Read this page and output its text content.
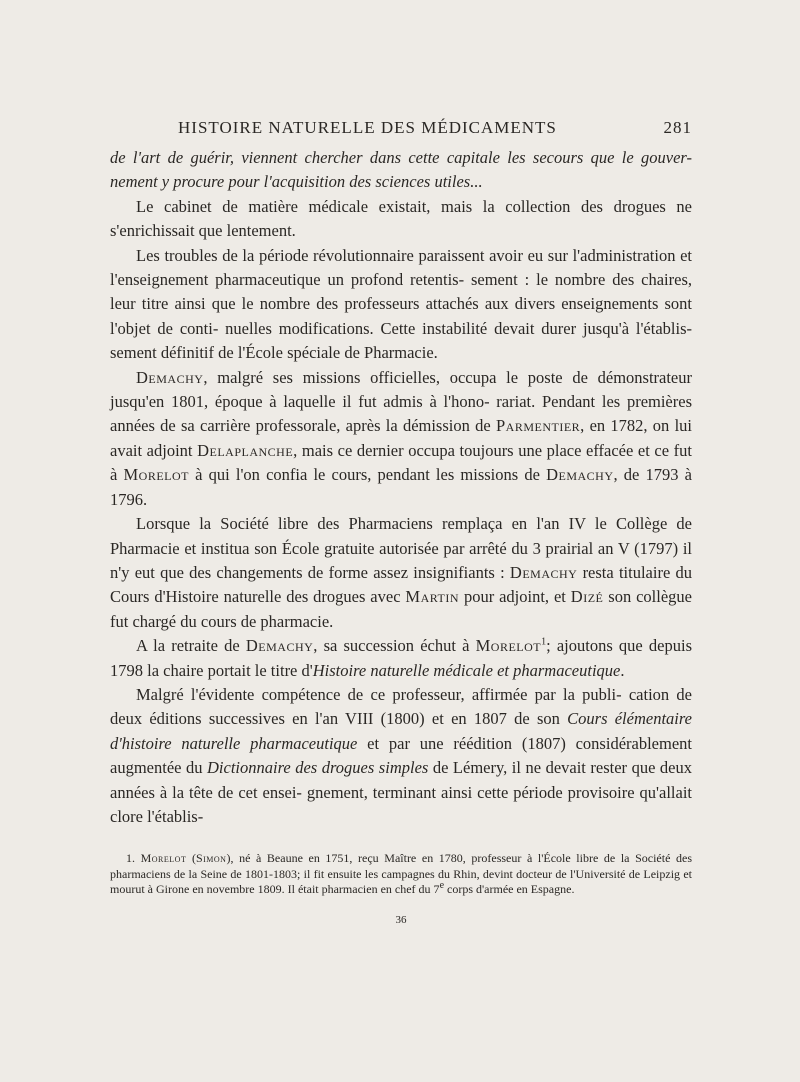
HISTOIRE NATURELLE DES MÉDICAMENTS	281

de l'art de guérir, viennent chercher dans cette capitale les secours que le gouver- nement y procure pour l'acquisition des sciences utiles...

Le cabinet de matière médicale existait, mais la collection des drogues ne s'enrichissait que lentement.

Les troubles de la période révolutionnaire paraissent avoir eu sur l'administration et l'enseignement pharmaceutique un profond retentis- sement : le nombre des chaires, leur titre ainsi que le nombre des professeurs attachés aux divers enseignements sont l'objet de conti- nuelles modifications. Cette instabilité devait durer jusqu'à l'établis- sement définitif de l'École spéciale de Pharmacie.

Demachy, malgré ses missions officielles, occupa le poste de démonstrateur jusqu'en 1801, époque à laquelle il fut admis à l'hono- rariat. Pendant les premières années de sa carrière professorale, après la démission de Parmentier, en 1782, on lui avait adjoint Delaplanche, mais ce dernier occupa toujours une place effacée et ce fut à Morelot à qui l'on confia le cours, pendant les missions de Demachy, de 1793 à 1796.

Lorsque la Société libre des Pharmaciens remplaça en l'an IV le Collège de Pharmacie et institua son École gratuite autorisée par arrêté du 3 prairial an V (1797) il n'y eut que des changements de forme assez insignifiants : Demachy resta titulaire du Cours d'Histoire naturelle des drogues avec Martin pour adjoint, et Dizé son collègue fut chargé du cours de pharmacie.

A la retraite de Demachy, sa succession échut à Morelot$^1$; ajoutons que depuis 1798 la chaire portait le titre d'Histoire naturelle médicale et pharmaceutique.

Malgré l'évidente compétence de ce professeur, affirmée par la publi- cation de deux éditions successives en l'an VIII (1800) et en 1807 de son Cours élémentaire d'histoire naturelle pharmaceutique et par une réédition (1807) considérablement augmentée du Dictionnaire des drogues simples de Lémery, il ne devait rester que deux années à la tête de cet ensei- gnement, terminant ainsi cette période provisoire qu'allait clore l'établis-

1. Morelot (Simon), né à Beaune en 1751, reçu Maître en 1780, professeur à l'École libre de la Société des pharmaciens de la Seine de 1801-1803; il fit ensuite les campagnes du Rhin, devint docteur de l'Université de Leipzig et mourut à Girone en novembre 1809. Il était pharmacien en chef du 7e corps d'armée en Espagne.

36
